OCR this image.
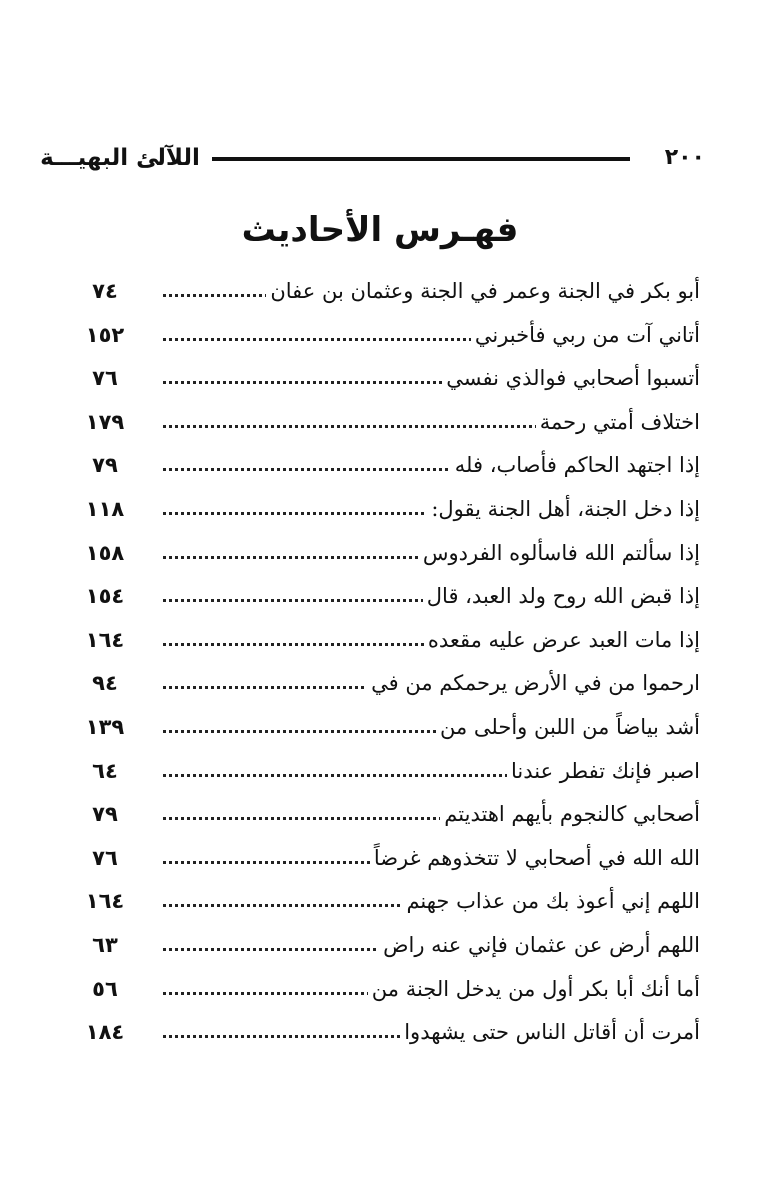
٢٠٠
اللآلئ البهيـــة
فهـرس الأحاديث
أبو بكر في الجنة وعمر في الجنة وعثمان بن عفان
٧٤
أتاني آت من ربي فأخبرني
١٥٢
أتسبوا أصحابي فوالذي نفسي
٧٦
اختلاف أمتي رحمة
١٧٩
إذا اجتهد الحاكم فأصاب، فله
٧٩
إذا دخل الجنة، أهل الجنة يقول:
١١٨
إذا سألتم الله فاسألوه الفردوس
١٥٨
إذا قبض الله روح ولد العبد، قال
١٥٤
إذا مات العبد عرض عليه مقعده
١٦٤
ارحموا من في الأرض يرحمكم من في
٩٤
أشد بياضاً من اللبن وأحلى من
١٣٩
اصبر فإنك تفطر عندنا
٦٤
أصحابي كالنجوم بأيهم اهتديتم
٧٩
الله الله في أصحابي لا تتخذوهم غرضاً
٧٦
اللهم إني أعوذ بك من عذاب جهنم
١٦٤
اللهم أرض عن عثمان فإني عنه راض
٦٣
أما أنك أبا بكر أول من يدخل الجنة من
٥٦
أمرت أن أقاتل الناس حتى يشهدوا
١٨٤
